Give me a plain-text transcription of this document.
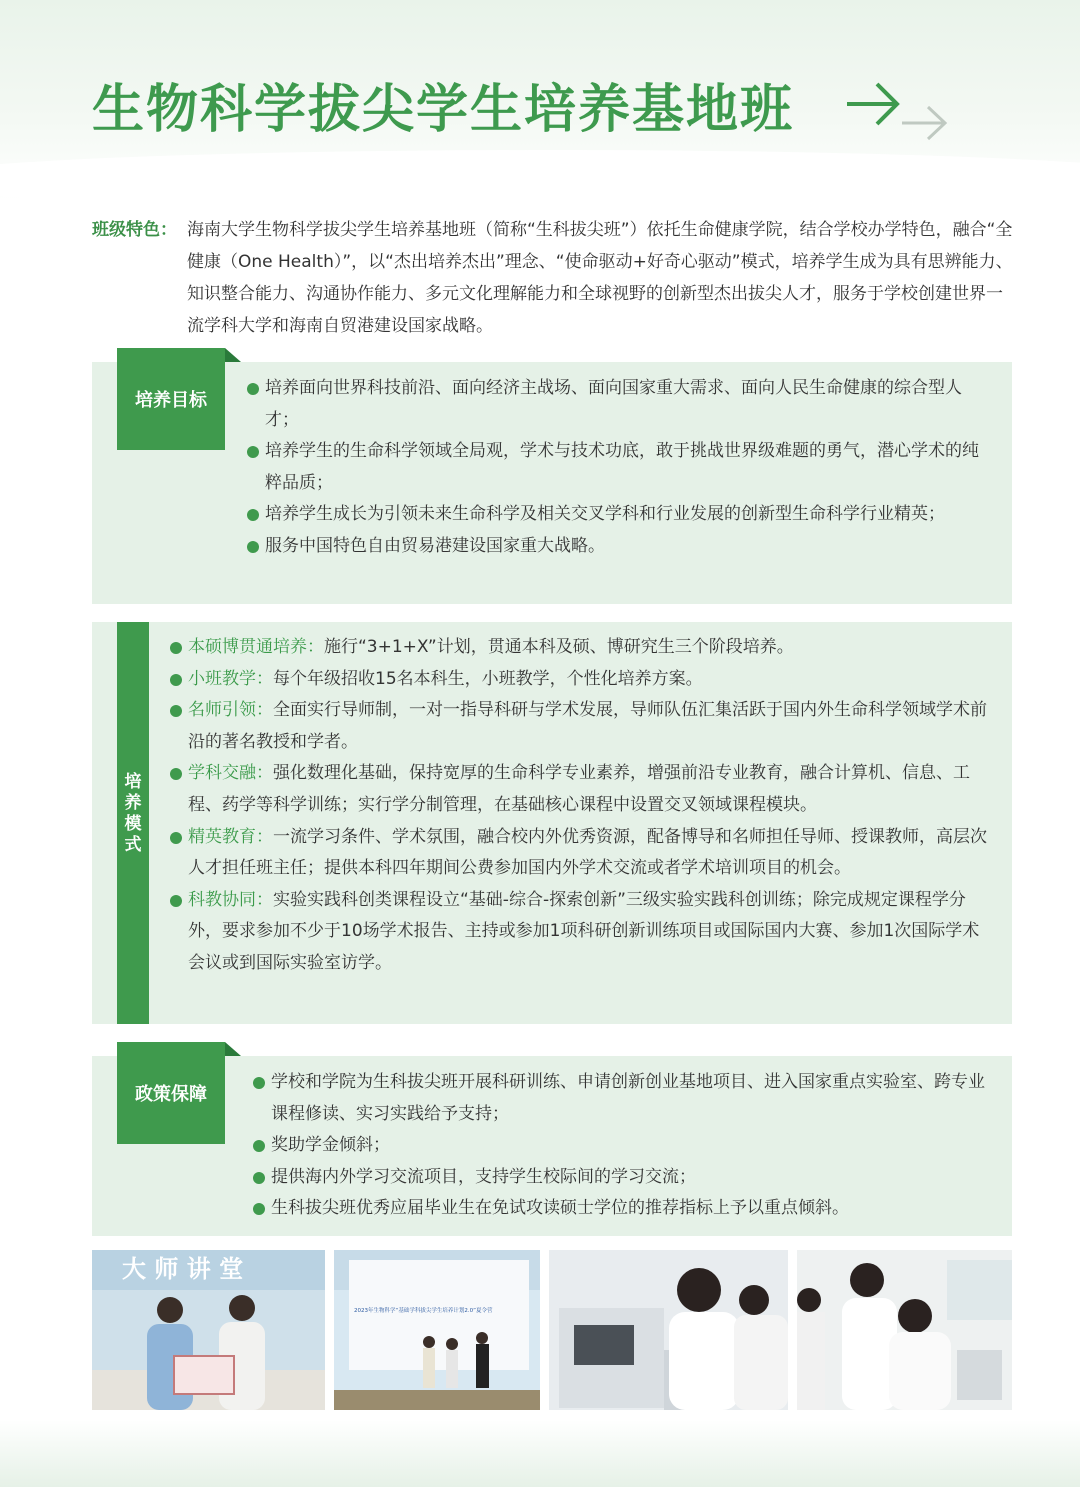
生物科学拔尖学生培养基地班
班级特色： 海南大学生物科学拔尖学生培养基地班（简称“生科拔尖班”）依托生命健康学院，结合学校办学特色，融合“全健康（One Health）”，以“杰出培养杰出”理念、“使命驱动+好奇心驱动”模式，培养学生成为具有思辨能力、知识整合能力、沟通协作能力、多元文化理解能力和全球视野的创新型杰出拔尖人才，服务于学校创建世界一流学科大学和海南自贸港建设国家战略。
培养目标
培养面向世界科技前沿、面向经济主战场、面向国家重大需求、面向人民生命健康的综合型人才；
培养学生的生命科学领域全局观，学术与技术功底，敢于挑战世界级难题的勇气，潜心学术的纯粹品质；
培养学生成长为引领未来生命科学及相关交叉学科和行业发展的创新型生命科学行业精英；
服务中国特色自由贸易港建设国家重大战略。
培
养
模
式
本硕博贯通培养：施行“3+1+X”计划，贯通本科及硕、博研究生三个阶段培养。
小班教学：每个年级招收15名本科生，小班教学，个性化培养方案。
名师引领：全面实行导师制，一对一指导科研与学术发展，导师队伍汇集活跃于国内外生命科学领域学术前沿的著名教授和学者。
学科交融：强化数理化基础，保持宽厚的生命科学专业素养，增强前沿专业教育，融合计算机、信息、工程、药学等科学训练；实行学分制管理，在基础核心课程中设置交叉领域课程模块。
精英教育：一流学习条件、学术氛围，融合校内外优秀资源，配备博导和名师担任导师、授课教师，高层次人才担任班主任；提供本科四年期间公费参加国内外学术交流或者学术培训项目的机会。
科教协同：实验实践科创类课程设立“基础-综合-探索创新”三级实验实践科创训练；除完成规定课程学分外，要求参加不少于10场学术报告、主持或参加1项科研创新训练项目或国际国内大赛、参加1次国际学术会议或到国际实验室访学。
政策保障
学校和学院为生科拔尖班开展科研训练、申请创新创业基地项目、进入国家重点实验室、跨专业课程修读、实习实践给予支持；
奖助学金倾斜；
提供海内外学习交流项目，支持学生校际间的学习交流；
生科拔尖班优秀应届毕业生在免试攻读硕士学位的推荐指标上予以重点倾斜。
大 师 讲 堂
2023年生物科学“基础学科拔尖学生培养计划2.0”夏令营
